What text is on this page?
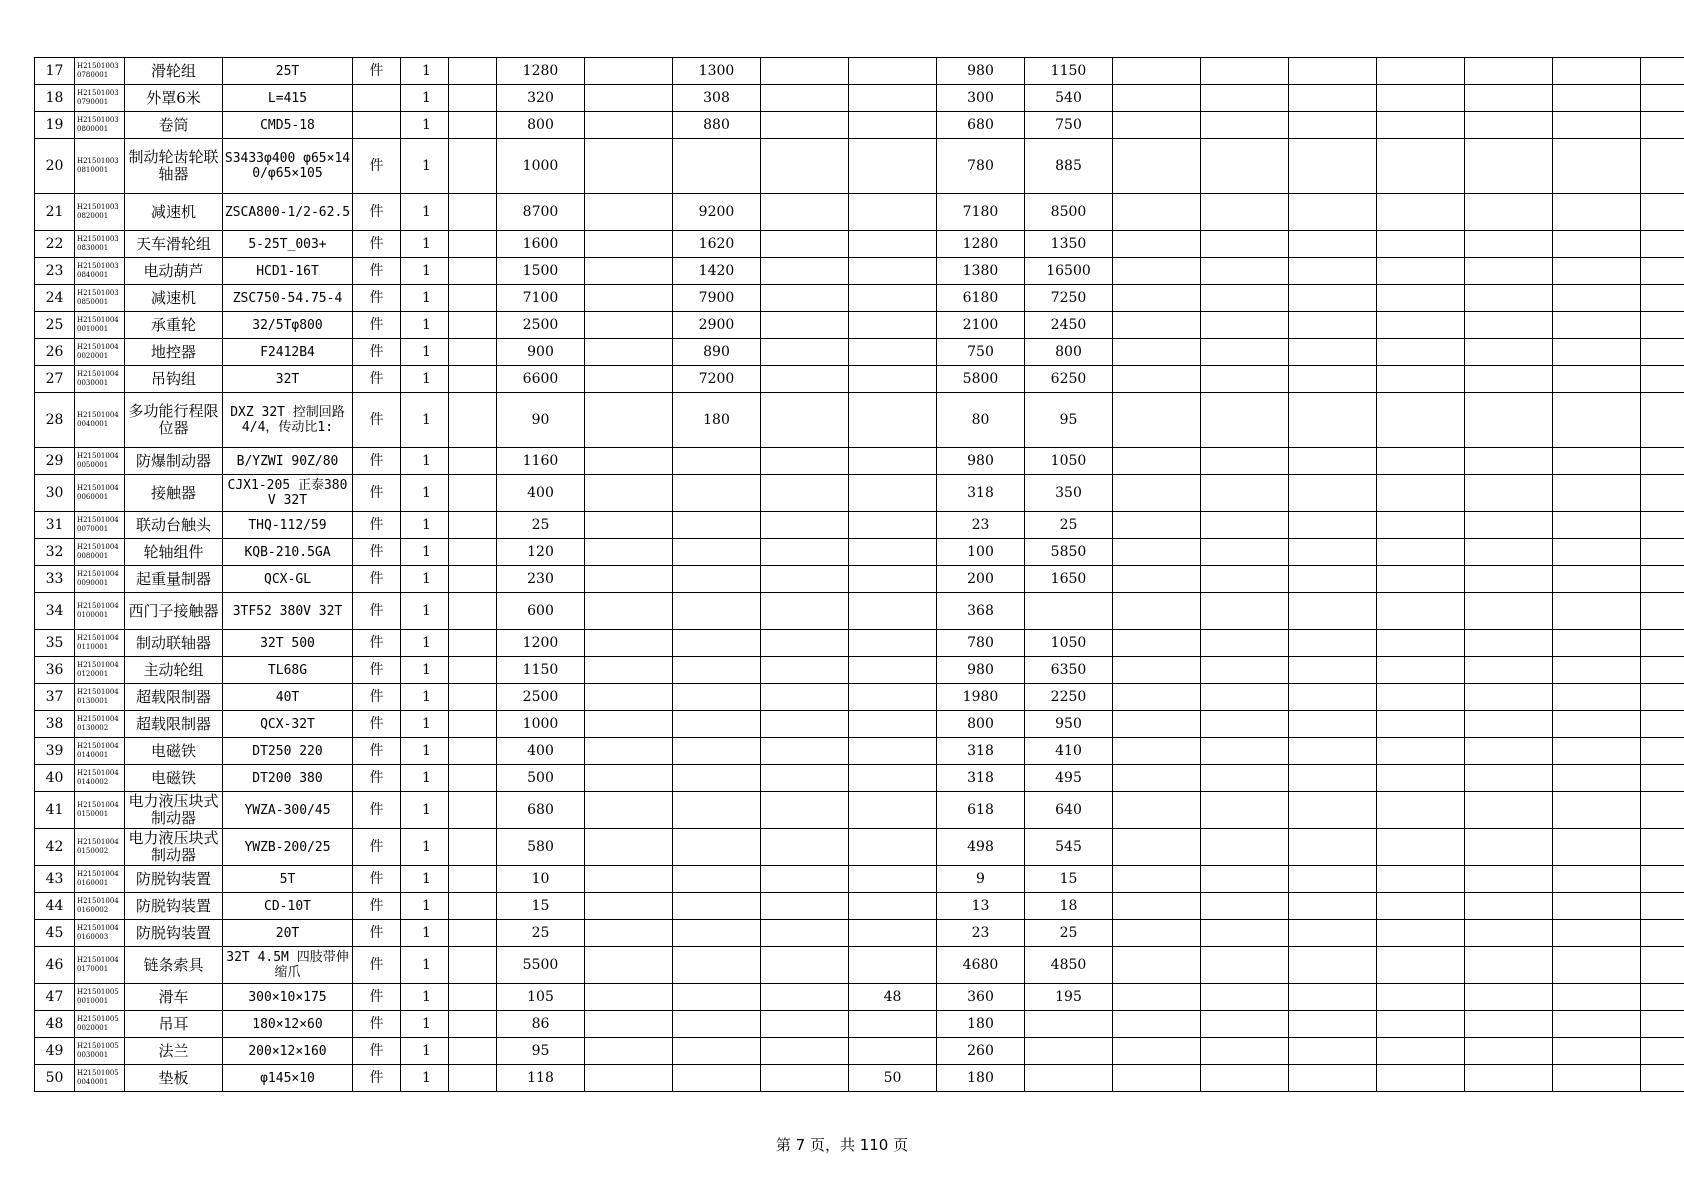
17	H215010030780001	滑轮组	25T	件	1		1280		1300			980	1150								
18	H215010030790001	外罩6米	L=415		1		320		308			300	540								
19	H215010030800001	卷筒	CMD5-18		1		800		880			680	750								
20	H215010030810001	制动轮齿轮联轴器	S3433φ400 φ65×140/φ65×105	件	1		1000					780	885								
21	H215010030820001	减速机	ZSCA800-1/2-62.5	件	1		8700		9200			7180	8500								
22	H215010030830001	天车滑轮组	5-25T_003+	件	1		1600		1620			1280	1350								
23	H215010030840001	电动葫芦	HCD1-16T	件	1		1500		1420			1380	16500								
24	H215010030850001	减速机	ZSC750-54.75-4	件	1		7100		7900			6180	7250								
25	H215010040010001	承重轮	32/5Tφ800	件	1		2500		2900			2100	2450								
26	H215010040020001	地控器	F2412B4	件	1		900		890			750	800								
27	H215010040030001	吊钩组	32T	件	1		6600		7200			5800	6250								
28	H215010040040001	多功能行程限位器	DXZ 32T 控制回路4/4，传动比1:	件	1		90		180			80	95								
29	H215010040050001	防爆制动器	B/YZWI 90Z/80	件	1		1160					980	1050								
30	H215010040060001	接触器	CJX1-205 正泰380V 32T	件	1		400					318	350								
31	H215010040070001	联动台触头	THQ-112/59	件	1		25					23	25								
32	H215010040080001	轮轴组件	KQB-210.5GA	件	1		120					100	5850								
33	H215010040090001	起重量制器	QCX-GL	件	1		230					200	1650								
34	H215010040100001	西门子接触器	3TF52 380V 32T	件	1		600					368									
35	H215010040110001	制动联轴器	32T 500	件	1		1200					780	1050								
36	H215010040120001	主动轮组	TL68G	件	1		1150					980	6350								
37	H215010040130001	超载限制器	40T	件	1		2500					1980	2250								
38	H215010040130002	超载限制器	QCX-32T	件	1		1000					800	950								
39	H215010040140001	电磁铁	DT250 220	件	1		400					318	410								
40	H215010040140002	电磁铁	DT200 380	件	1		500					318	495								
41	H215010040150001	电力液压块式制动器	YWZA-300/45	件	1		680					618	640								
42	H215010040150002	电力液压块式制动器	YWZB-200/25	件	1		580					498	545								
43	H215010040160001	防脱钩装置	5T	件	1		10					9	15								
44	H215010040160002	防脱钩装置	CD-10T	件	1		15					13	18								
45	H215010040160003	防脱钩装置	20T	件	1		25					23	25								
46	H215010040170001	链条索具	32T 4.5M 四肢带伸缩爪	件	1		5500					4680	4850								
47	H215010050010001	滑车	300×10×175	件	1		105				48	360	195								
48	H215010050020001	吊耳	180×12×60	件	1		86					180									
49	H215010050030001	法兰	200×12×160	件	1		95					260									
50	H215010050040001	垫板	φ145×10	件	1		118				50	180									
第 7 页，共 110 页
